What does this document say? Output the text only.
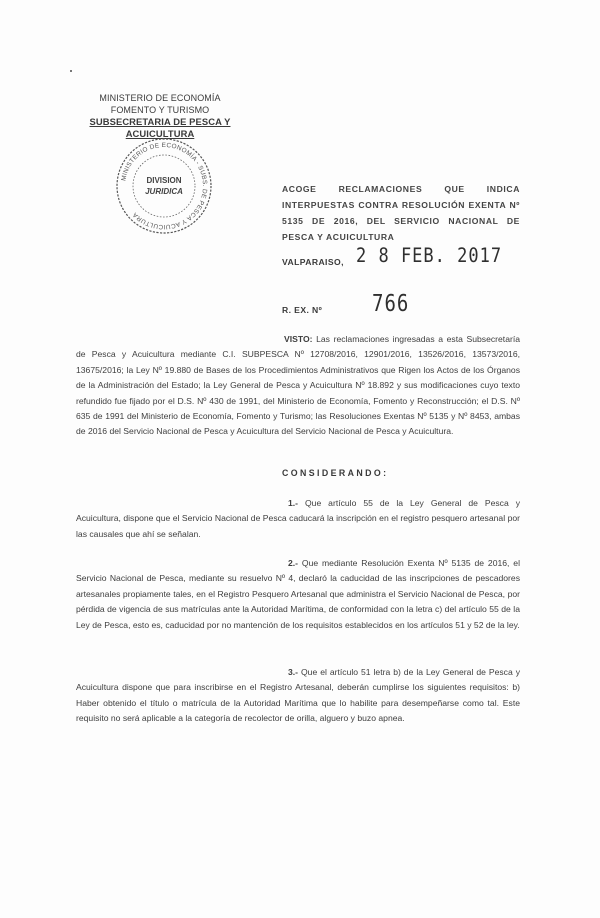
MINISTERIO DE ECONOMÍA
FOMENTO Y TURISMO
SUBSECRETARIA DE PESCA Y ACUICULTURA
MINISTERIO DE ECONOMÍA - SUBS. DE PESCA Y ACUICULTURA
DIVISION
JURIDICA	ACOGE RECLAMACIONES QUE INDICA INTERPUESTAS CONTRA RESOLUCIÓN EXENTA Nº 5135 DE 2016, DEL SERVICIO NACIONAL DE PESCA Y ACUICULTURA
VALPARAISO, 2 8 FEB. 2017
R. EX. Nº	766
VISTO: Las reclamaciones ingresadas a esta Subsecretaría de Pesca y Acuicultura mediante C.I. SUBPESCA Nº 12708/2016, 12901/2016, 13526/2016, 13573/2016, 13675/2016; la Ley Nº 19.880 de Bases de los Procedimientos Administrativos que Rigen los Actos de los Órganos de la Administración del Estado; la Ley General de Pesca y Acuicultura Nº 18.892 y sus modificaciones cuyo texto refundido fue fijado por el D.S. Nº 430 de 1991, del Ministerio de Economía, Fomento y Reconstrucción; el D.S. Nº 635 de 1991 del Ministerio de Economía, Fomento y Turismo; las Resoluciones Exentas Nº 5135 y Nº 8453, ambas de 2016 del Servicio Nacional de Pesca y Acuicultura del Servicio Nacional de Pesca y Acuicultura.
CONSIDERANDO:
1.- Que artículo 55 de la Ley General de Pesca y Acuicultura, dispone que el Servicio Nacional de Pesca caducará la inscripción en el registro pesquero artesanal por las causales que ahí se señalan.
2.- Que mediante Resolución Exenta Nº 5135 de 2016, el Servicio Nacional de Pesca, mediante su resuelvo Nº 4, declaró la caducidad de las inscripciones de pescadores artesanales propiamente tales, en el Registro Pesquero Artesanal que administra el Servicio Nacional de Pesca, por pérdida de vigencia de sus matrículas ante la Autoridad Marítima, de conformidad con la letra c) del artículo 55 de la Ley de Pesca, esto es, caducidad por no mantención de los requisitos establecidos en los artículos 51 y 52 de la ley.
3.- Que el artículo 51 letra b) de la Ley General de Pesca y Acuicultura dispone que para inscribirse en el Registro Artesanal, deberán cumplirse los siguientes requisitos: b) Haber obtenido el título o matrícula de la Autoridad Marítima que lo habilite para desempeñarse como tal. Este requisito no será aplicable a la categoría de recolector de orilla, alguero y buzo apnea.
